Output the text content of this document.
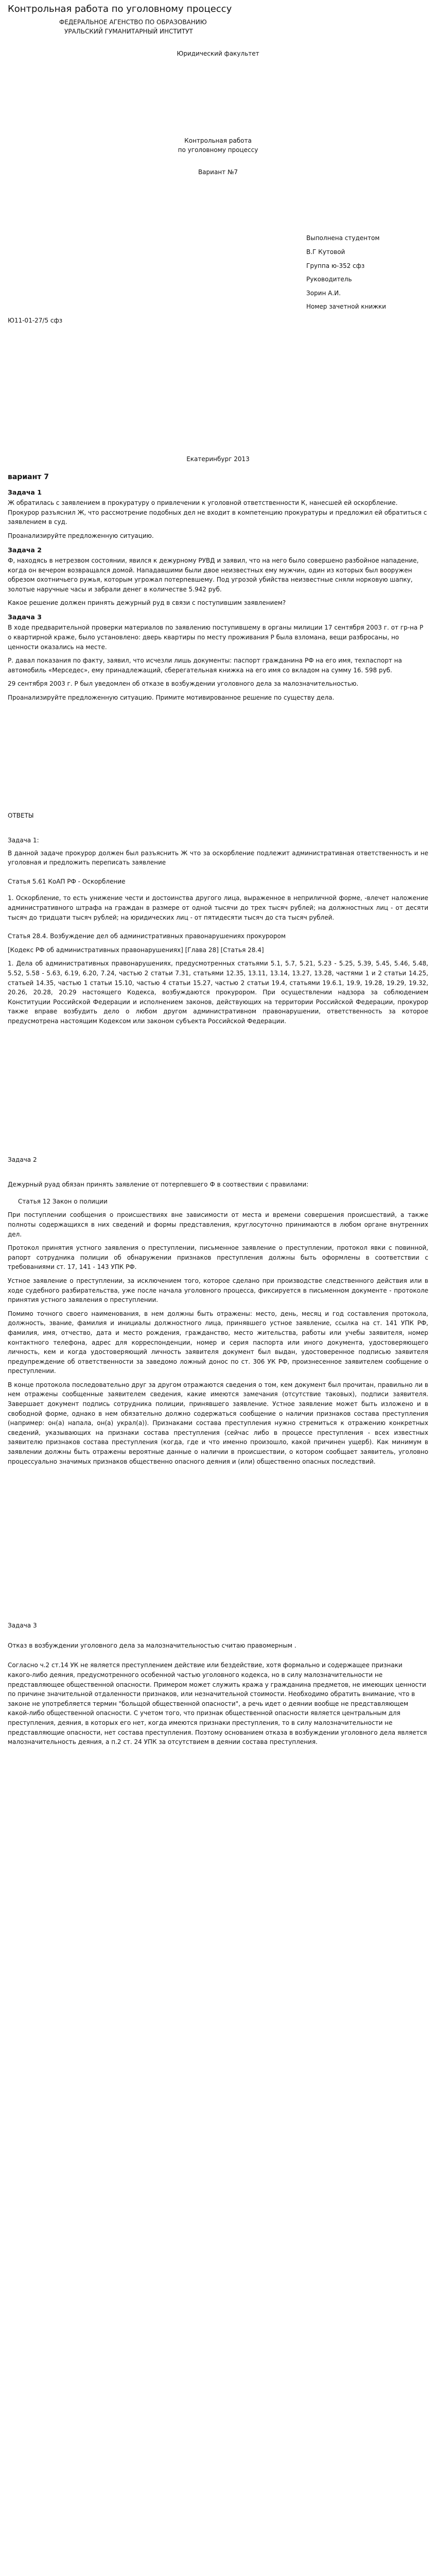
Контрольная работа по уголовному процессу
ФЕДЕРАЛЬНОЕ АГЕНСТВО ПО ОБРАЗОВАНИЮ
УРАЛЬСКИЙ ГУМАНИТАРНЫЙ ИНСТИТУТ
Юридический факультет
Контрольная работа
по уголовному процессу
Вариант №7
Выполнена студентом
В.Г Кутовой
Группа ю-352 сфз
Руководитель
Зорин А.И.
Номер зачетной книжки
Ю11-01-27/5 сфз
Екатеринбург 2013
вариант 7
Задача 1

Ж обратилась с заявлением в прокуратуру о привлечении к уголовной ответственности К, нанесшей ей оскорбление. Прокурор разъяснил Ж, что рассмотрение подобных дел не входит в компетенцию прокуратуры и предложил ей обратиться с заявлением в суд.

Проанализируйте предложенную ситуацию.

Задача 2

Ф, находясь в нетрезвом состоянии, явился к дежурному РУВД и заявил, что на него было совершено разбойное нападение, когда он вечером возвращался домой. Нападавшими были двое неизвестных ему мужчин, один из которых был вооружен обрезом охотничьего ружья, которым угрожал потерпевшему. Под угрозой убийства неизвестные сняли норковую шапку, золотые наручные часы и забрали денег в количестве 5.942 руб.

Какое решение должен принять дежурный руд в связи с поступившим заявлением?

Задача 3

В ходе предварительной проверки материалов по заявлению поступившему в органы милиции 17 сентября 2003 г. от гр-на Р о квартирной краже, было установлено: дверь квартиры по месту проживания Р была взломана, вещи разбросаны, но ценности оказались на месте.

Р. давал показания по факту, заявил, что исчезли лишь документы: паспорт гражданина РФ на его имя, техпаспорт на автомобиль «Мерседес», ему принадлежащий, сберегательная книжка на его имя со вкладом на сумму 16. 598 руб.

29 сентября 2003 г. Р был уведомлен об отказе в возбуждении уголовного дела за малозначительностью.

Проанализируйте предложенную ситуацию. Примите мотивированное решение по существу дела.

ОТВЕТЫ
Задача 1:

В данной задаче прокурор должен был разъяснить Ж что за оскорбление подлежит административная ответственность и не уголовная и предложить переписать заявление

Статья 5.61 КоАП РФ - Оскорбление

1. Оскорбление, то есть унижение чести и достоинства другого лица, выраженное в неприличной форме, -влечет наложение административного штрафа на граждан в размере от одной тысячи до трех тысяч рублей; на должностных лиц - от десяти тысяч до тридцати тысяч рублей; на юридических лиц - от пятидесяти тысяч до ста тысяч рублей.

Статья 28.4. Возбуждение дел об административных правонарушениях прокурором

[Кодекс РФ об административных правонарушениях] [Глава 28] [Статья 28.4]

1. Дела об административных правонарушениях, предусмотренных статьями 5.1, 5.7, 5.21, 5.23 - 5.25, 5.39, 5.45, 5.46, 5.48, 5.52, 5.58 - 5.63, 6.19, 6.20, 7.24, частью 2 статьи 7.31, статьями 12.35, 13.11, 13.14, 13.27, 13.28, частями 1 и 2 статьи 14.25, статьей 14.35, частью 1 статьи 15.10, частью 4 статьи 15.27, частью 2 статьи 19.4, статьями 19.6.1, 19.9, 19.28, 19.29, 19.32, 20.26, 20.28, 20.29 настоящего Кодекса, возбуждаются прокурором. При осуществлении надзора за соблюдением Конституции Российской Федерации и исполнением законов, действующих на территории Российской Федерации, прокурор также вправе возбудить дело о любом другом административном правонарушении, ответственность за которое предусмотрена настоящим Кодексом или законом субъекта Российской Федерации.

Задача 2

Дежурный руад обязан принять заявление от потерпевшего Ф в соотвествии с правилами:

Статья 12 Закон о полиции

При поступлении сообщения о происшествиях вне зависимости от места и времени совершения происшествий, а также полноты содержащихся в них сведений и формы представления, круглосуточно принимаются в любом органе внутренних дел.

Протокол принятия устного заявления о преступлении, письменное заявление о преступлении, протокол явки с повинной, рапорт сотрудника полиции об обнаружении признаков преступления должны быть оформлены в соответствии с требованиями ст. 17, 141 - 143 УПК РФ.

Устное заявление о преступлении, за исключением того, которое сделано при производстве следственного действия или в ходе судебного разбирательства, уже после начала уголовного процесса, фиксируется в письменном документе - протоколе принятия устного заявления о преступлении.

Помимо точного своего наименования, в нем должны быть отражены: место, день, месяц и год составления протокола, должность, звание, фамилия и инициалы должностного лица, принявшего устное заявление, ссылка на ст. 141 УПК РФ, фамилия, имя, отчество, дата и место рождения, гражданство, место жительства, работы или учебы заявителя, номер контактного телефона, адрес для корреспонденции, номер и серия паспорта или иного документа, удостоверяющего личность, кем и когда удостоверяющий личность заявителя документ был выдан, удостоверенное подписью заявителя предупреждение об ответственности за заведомо ложный донос по ст. 306 УК РФ, произнесенное заявителем сообщение о преступлении.

В конце протокола последовательно друг за другом отражаются сведения о том, кем документ был прочитан, правильно ли в нем отражены сообщенные заявителем сведения, какие имеются замечания (отсутствие таковых), подписи заявителя. Завершает документ подпись сотрудника полиции, принявшего заявление. Устное заявление может быть изложено и в свободной форме, однако в нем обязательно должно содержаться сообщение о наличии признаков состава преступления (например: он(а) напала, он(а) украл(а)). Признаками состава преступления нужно стремиться к отражению конкретных сведений, указывающих на признаки состава преступления (сейчас либо в процессе преступления - всех известных заявителю признаков состава преступления (когда, где и что именно произошло, какой причинен ущерб). Как минимум в заявлении должны быть отражены вероятные данные о наличии в происшествии, о котором сообщает заявитель, уголовно процессуально значимых признаков общественно опасного деяния и (или) общественно опасных последствий.

Задача 3

Отказ в возбуждении уголовного дела за малозначительностью считаю правомерным .

Согласно ч.2 ст.14 УК не является преступлением действие или бездействие, хотя формально и содержащее признаки какого-либо деяния, предусмотренного особенной частью уголовного кодекса, но в силу малозначительности не представляющее общественной опасности. Примером может служить кража у гражданина предметов, не имеющих ценности по причине значительной отдаленности признаков, или незначительной стоимости. Необходимо обратить внимание, что в законе не употребляется термин "больщой общественной опасности", а речь идет о деянии вообще не представляющем какой-либо общественной опасности. С учетом того, что признак общественной опасности является центральным для преступления, деяния, в которых его нет, когда имеются признаки преступления, то в силу малозначительности не представляющие опасности, нет состава преступления. Поэтому основанием отказа в возбуждении уголовного дела является малозначительность деяния, а п.2 ст. 24 УПК за отсутствием в деянии состава преступления.
